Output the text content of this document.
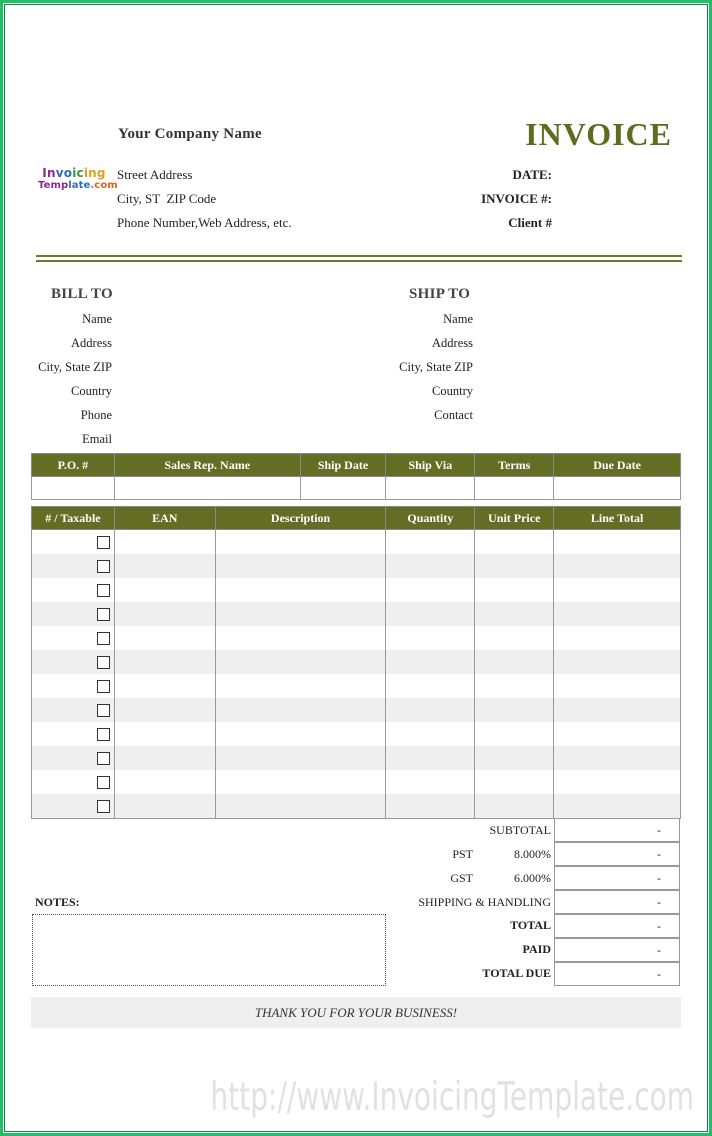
Your Company Name	INVOICE
Invoicing
Template.com
Street Address
City, ST  ZIP Code
Phone Number,Web Address, etc.
DATE:
INVOICE #:
Client #
BILL TO	SHIP TO
Name
Address
City, State ZIP
Country
Phone
Email
Name
Address
City, State ZIP
Country
Contact
P.O. #	Sales Rep. Name	Ship Date	Ship Via	Terms	Due Date

# / Taxable	EAN	Description	Quantity	Unit Price	Line Total

SUBTOTAL	-
PST	8.000%	-
GST	6.000%	-
SHIPPING & HANDLING	-
TOTAL	-
PAID	-
TOTAL DUE	-
NOTES:
THANK YOU FOR YOUR BUSINESS!
http://www.InvoicingTemplate.com
